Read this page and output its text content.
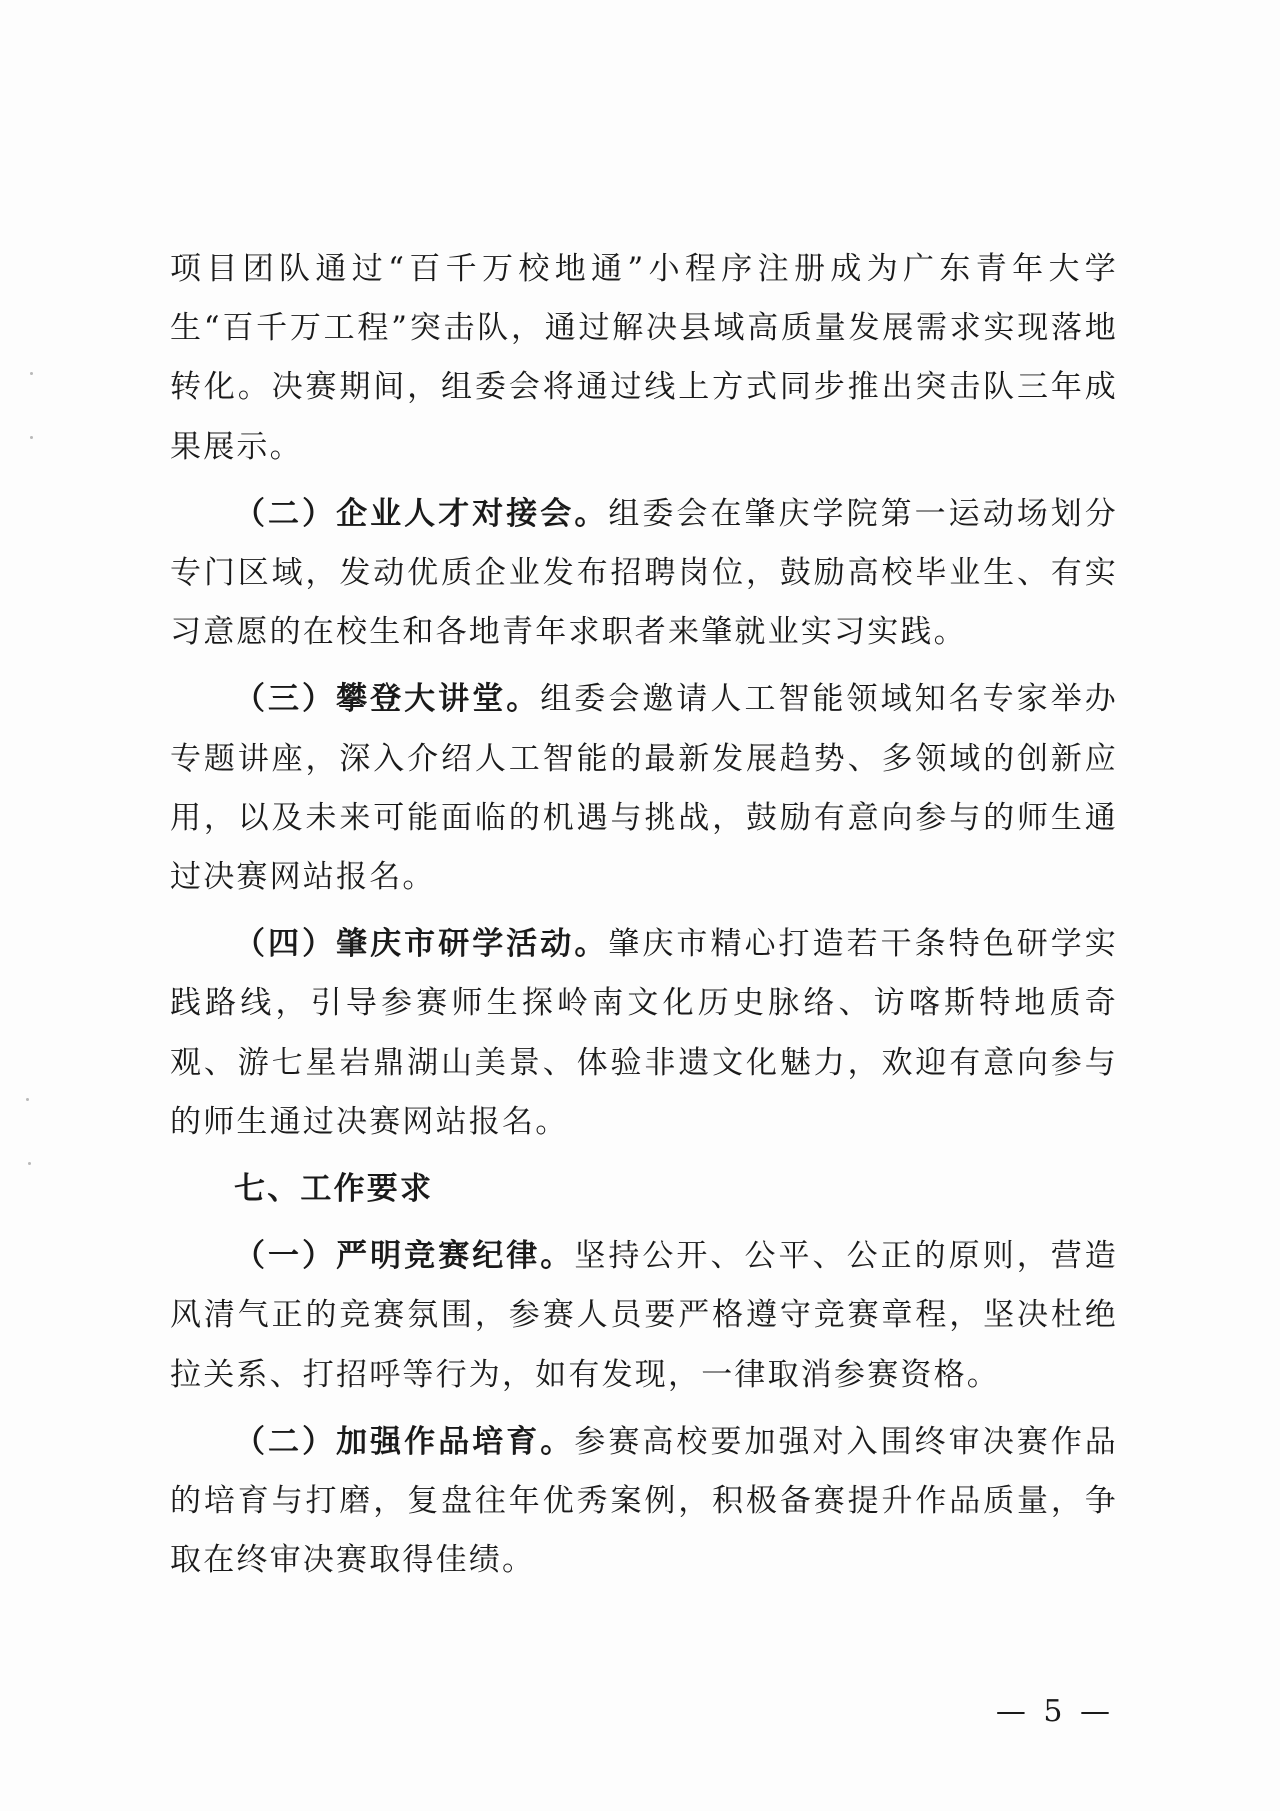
项目团队通过“百千万校地通”小程序注册成为广东青年大学生“百千万工程”突击队，通过解决县域高质量发展需求实现落地转化。决赛期间，组委会将通过线上方式同步推出突击队三年成果展示。

（二）企业人才对接会。组委会在肇庆学院第一运动场划分专门区域，发动优质企业发布招聘岗位，鼓励高校毕业生、有实习意愿的在校生和各地青年求职者来肇就业实习实践。

（三）攀登大讲堂。组委会邀请人工智能领域知名专家举办专题讲座，深入介绍人工智能的最新发展趋势、多领域的创新应用，以及未来可能面临的机遇与挑战，鼓励有意向参与的师生通过决赛网站报名。

（四）肇庆市研学活动。肇庆市精心打造若干条特色研学实践路线，引导参赛师生探岭南文化历史脉络、访喀斯特地质奇观、游七星岩鼎湖山美景、体验非遗文化魅力，欢迎有意向参与的师生通过决赛网站报名。

七、工作要求

（一）严明竞赛纪律。坚持公开、公平、公正的原则，营造风清气正的竞赛氛围，参赛人员要严格遵守竞赛章程，坚决杜绝拉关系、打招呼等行为，如有发现，一律取消参赛资格。

（二）加强作品培育。参赛高校要加强对入围终审决赛作品的培育与打磨，复盘往年优秀案例，积极备赛提升作品质量，争取在终审决赛取得佳绩。

— 5 —
